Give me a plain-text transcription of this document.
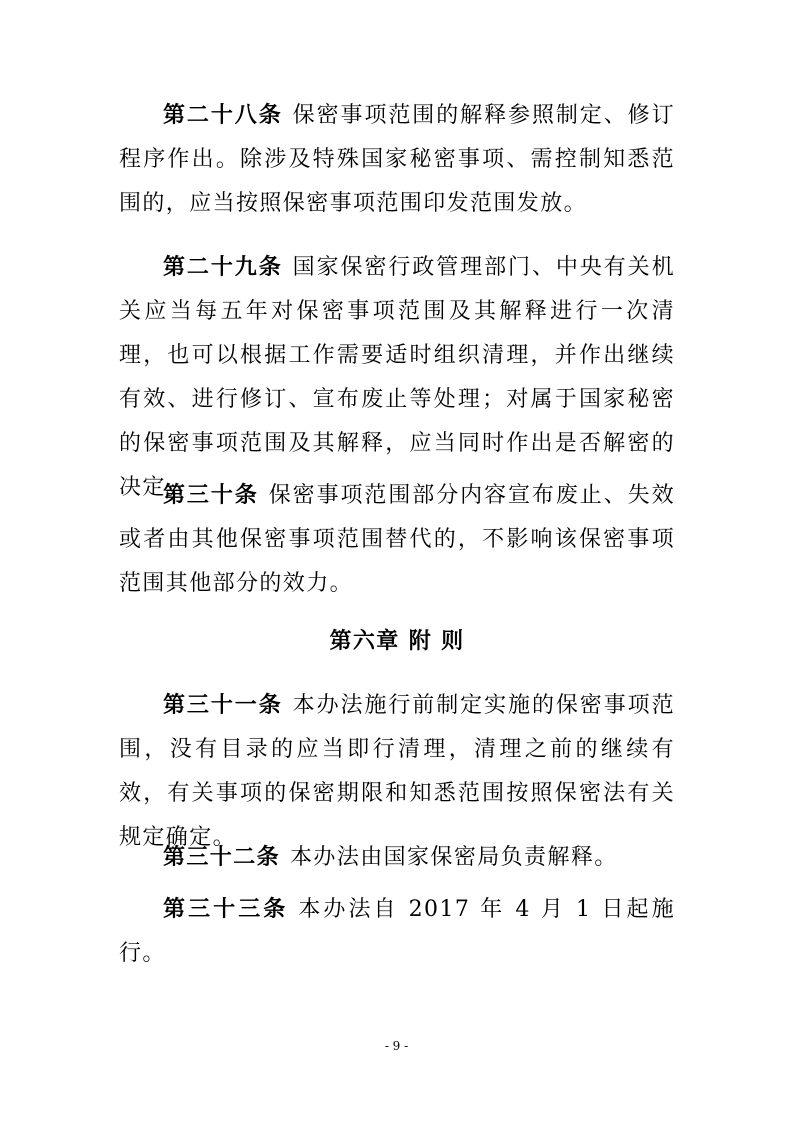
第二十八条 保密事项范围的解释参照制定、修订程序作出。除涉及特殊国家秘密事项、需控制知悉范围的，应当按照保密事项范围印发范围发放。

第二十九条 国家保密行政管理部门、中央有关机关应当每五年对保密事项范围及其解释进行一次清理，也可以根据工作需要适时组织清理，并作出继续有效、进行修订、宣布废止等处理；对属于国家秘密的保密事项范围及其解释，应当同时作出是否解密的决定。

第三十条 保密事项范围部分内容宣布废止、失效或者由其他保密事项范围替代的，不影响该保密事项范围其他部分的效力。

第六章 附 则

第三十一条 本办法施行前制定实施的保密事项范围，没有目录的应当即行清理，清理之前的继续有效，有关事项的保密期限和知悉范围按照保密法有关规定确定。

第三十二条 本办法由国家保密局负责解释。

第三十三条 本办法自 2017 年 4 月 1 日起施行。

- 9 -
